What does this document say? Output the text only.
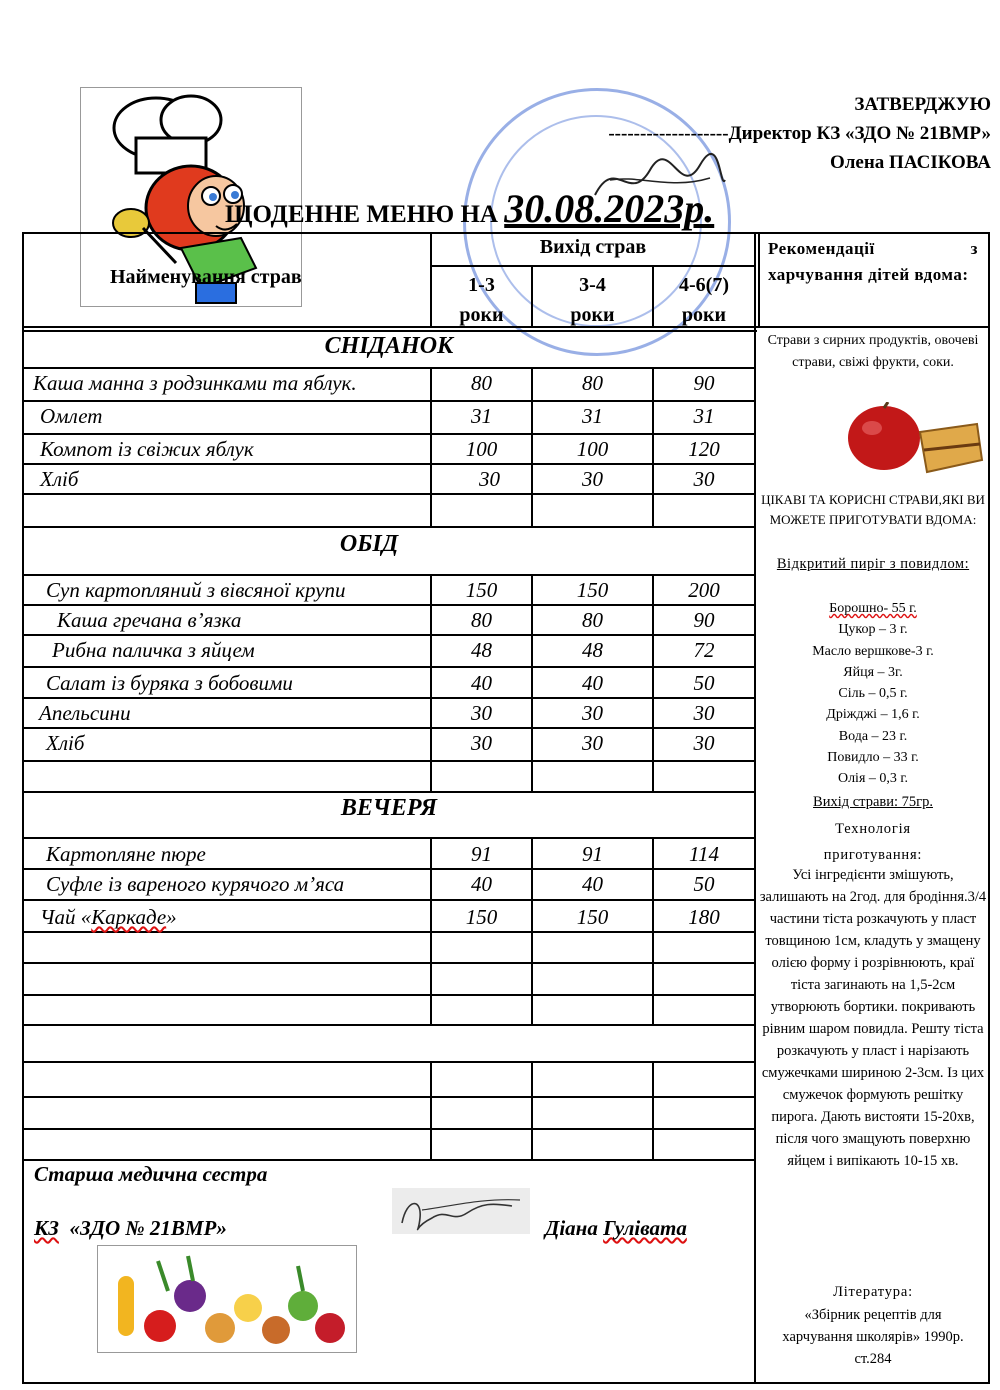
ЗАТВЕРДЖУЮ
-------------------Директор КЗ «ЗДО № 21ВМР»
Олена ПАСІКОВА
ЩОДЕННЕ МЕНЮ НА 30.08.2023р.
Найменування страв
Вихід страв
1-3
роки
3-4
роки
4-6(7)
роки
Рекомендації з харчування дітей вдома:
СНІДАНОК
ОБІД
ВЕЧЕРЯ
Каша манна з родзинками та яблук.	80	80	90
Омлет	31	31	31
Компот із свіжих яблук	100	100	120
Хліб	30	30	30
Суп картопляний з вівсяної крупи	150	150	200
Каша гречана в’язка	80	80	90
Рибна паличка з яйцем	48	48	72
Салат із буряка з бобовими	40	40	50
Апельсини	30	30	30
Хліб	30	30	30
Картопляне пюре	91	91	114
Суфле із вареного курячого м’яса	40	40	50
Чай «Каркаде»	150	150	180
Страви з сирних продуктів, овочеві страви, свіжі фрукти, соки.
ЦІКАВІ ТА КОРИСНІ СТРАВИ,ЯКІ ВИ МОЖЕТЕ ПРИГОТУВАТИ ВДОМА:
Відкритий пиріг з повидлом:
Борошно- 55 г.
Цукор – 3 г.
Масло вершкове-3 г.
Яйця – 3г.
Сіль – 0,5 г.
Дріжджі – 1,6 г.
Вода – 23 г.
Повидло – 33 г.
Олія – 0,3 г.
Вихід страви: 75гр.
Технологія приготування:
Усі інгредієнти змішують, залишають на 2год. для бродіння.3/4 частини тіста розкачують у пласт товщиною 1см, кладуть у змащену олією форму і розрівнюють, краї тіста загинають на 1,5-2см утворюють бортики. покривають рівним шаром повидла. Решту тіста розкачують у пласт і нарізають смужечками шириною 2-3см. Із цих смужечок формують решітку пирога. Дають вистояти 15-20хв, після чого змащують поверхню яйцем і випікають 10-15 хв.
Література:
«Збірник рецептів для харчування школярів» 1990р. ст.284
Старша медична сестра
КЗ  «ЗДО № 21ВМР»	Діана Гулівата
